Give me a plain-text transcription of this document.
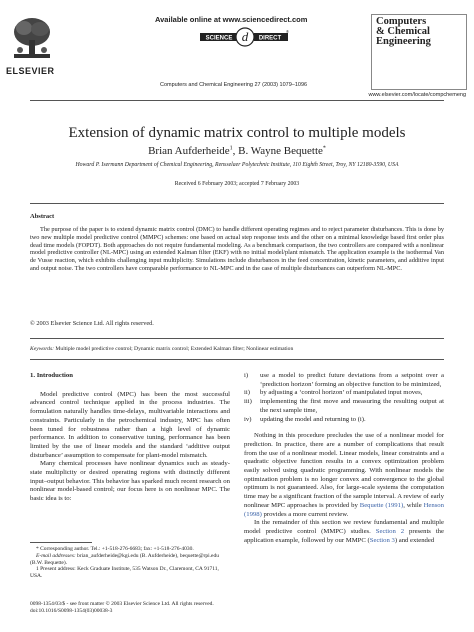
ELSEVIER
Available online at www.sciencedirect.com
SCIENCE d DIRECT
®
Computers and Chemical Engineering 27 (2003) 1079–1096
Computers
& Chemical
Engineering
www.elsevier.com/locate/compchemeng
Extension of dynamic matrix control to multiple models
Brian Aufderheide$^1$, B. Wayne Bequette*
Howard P. Isermann Department of Chemical Engineering, Rensselaer Polytechnic Institute, 110 Eighth Street, Troy, NY 12180-3590, USA
Received 6 February 2003; accepted 7 February 2003
Abstract
The purpose of the paper is to extend dynamic matrix control (DMC) to handle different operating regimes and to reject parameter disturbances. This is done by two new multiple model predictive control (MMPC) schemes: one based on actual step response tests and the other on a minimal knowledge based first order plus dead time models (FOPDT). Both approaches do not require fundamental modeling. As a benchmark comparison, the two controllers are compared with a nonlinear model predictive controller (NL-MPC) using an extended Kalman filter (EKF) with no initial model/plant mismatch. The application example is the isothermal Van de Vusse reaction, which exhibits challenging input multiplicity. Simulations include disturbances in the feed concentration, kinetic parameters, and additive input and output noise. The two controllers have comparable performance to NL-MPC and in the case of multiple disturbances can outperform NL-MPC.
© 2003 Elsevier Science Ltd. All rights reserved.
Keywords: Multiple model predictive control; Dynamic matrix control; Extended Kalman filter; Nonlinear estimation
1. Introduction
Model predictive control (MPC) has been the most successful advanced control technique applied in the process industries. The formulation naturally handles time-delays, multivariable interactions and constraints. Particularly in the petrochemical industry, MPC has often been tuned for robustness rather than a high level of dynamic performance. In addition to conservative tuning, performance has been limited by the use of linear models and the standard ‘additive output disturbance’ assumption to compensate for plant-model mismatch.
Many chemical processes have nonlinear dynamics such as steady-state multiplicity or desired operating regions with distinctly different input–output behavior. This behavior has sparked much recent research on nonlinear model-based control; our focus here is on nonlinear MPC. The basic idea is to:
i)	use a model to predict future deviations from a setpoint over a ‘prediction horizon’ forming an objective function to be minimized,
ii)	by adjusting a ‘control horizon’ of manipulated input moves,
iii)	implementing the first move and measuring the resulting output at the next sample time,
iv)	updating the model and returning to (i).
Nothing in this procedure precludes the use of a nonlinear model for prediction. In practice, there are a number of complications that result from the use of a nonlinear model. Linear models, linear constraints and a quadratic objective function results in a convex optimization problem easily solved using quadratic programming. With nonlinear models the optimization problem is no longer convex and convergence to the global optimum is not guaranteed. Also, for large-scale systems the computation time may be a significant fraction of the sample interval. A review of early nonlinear MPC approaches is provided by Bequette (1991), while Henson (1998) provides a more current review.
In the remainder of this section we review fundamental and multiple model predictive control (MMPC) studies. Section 2 presents the application example, followed by our MMPC (Section 3) and extended
* Corresponding author. Tel.: +1-518-276-6683; fax: +1-518-276-4030.
E-mail addresses: brian_aufderheide@kgi.edu (B. Aufderheide), bequette@rpi.edu (B.W. Bequette).
1 Present address: Keck Graduate Institute, 535 Watson Dr., Claremont, CA 91711, USA.
0098-1354/03/$ - see front matter © 2003 Elsevier Science Ltd. All rights reserved.
doi:10.1016/S0098-1354(03)00038-3
